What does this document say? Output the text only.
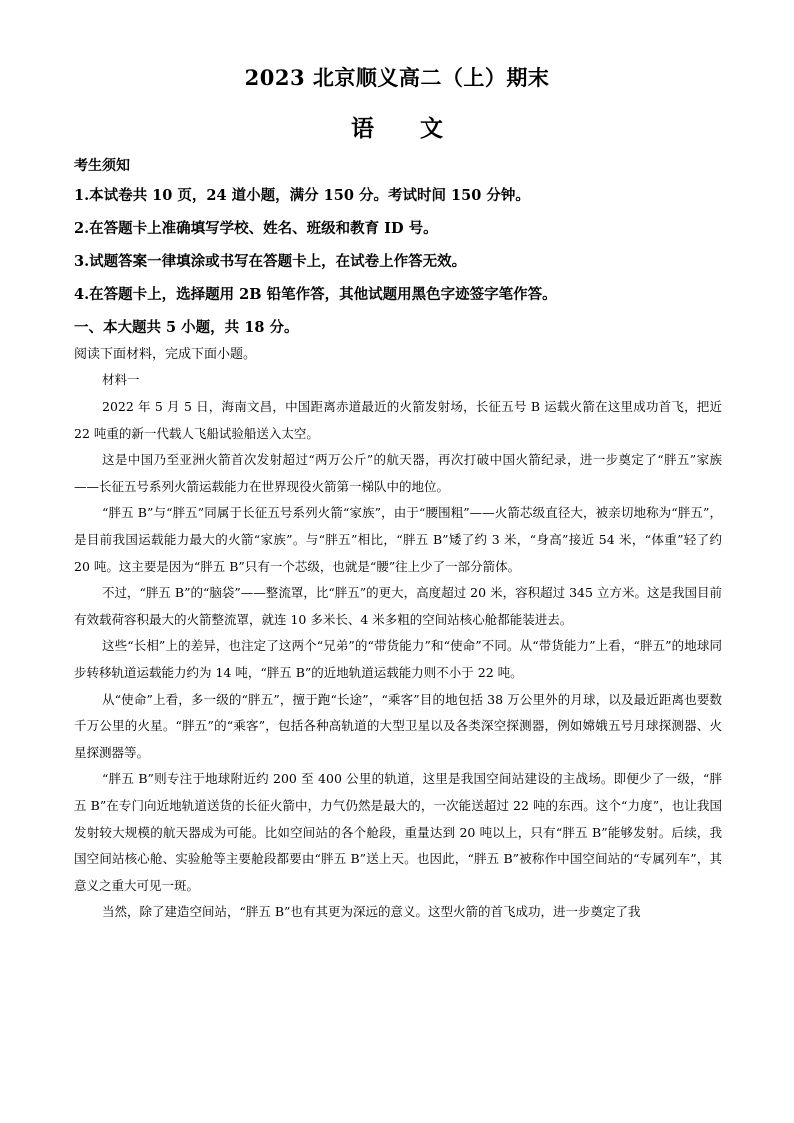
2023 北京顺义高二（上）期末
语 文
考生须知
1.本试卷共 10 页，24 道小题，满分 150 分。考试时间 150 分钟。
2.在答题卡上准确填写学校、姓名、班级和教育 ID 号。
3.试题答案一律填涂或书写在答题卡上，在试卷上作答无效。
4.在答题卡上，选择题用 2B 铅笔作答，其他试题用黑色字迹签字笔作答。
一、本大题共 5 小题，共 18 分。
阅读下面材料，完成下面小题。
材料一

2022 年 5 月 5 日，海南文昌，中国距离赤道最近的火箭发射场，长征五号 B 运载火箭在这里成功首飞，把近 22 吨重的新一代载人飞船试验船送入太空。

这是中国乃至亚洲火箭首次发射超过“两万公斤”的航天器，再次打破中国火箭纪录，进一步奠定了“胖五”家族——长征五号系列火箭运载能力在世界现役火箭第一梯队中的地位。

“胖五 B”与“胖五”同属于长征五号系列火箭“家族”，由于“腰围粗”——火箭芯级直径大，被亲切地称为“胖五”，是目前我国运载能力最大的火箭“家族”。与“胖五”相比，“胖五 B”矮了约 3 米，“身高”接近 54 米，“体重”轻了约 20 吨。这主要是因为“胖五 B”只有一个芯级，也就是“腰”往上少了一部分箭体。

不过，“胖五 B”的“脑袋”——整流罩，比“胖五”的更大，高度超过 20 米，容积超过 345 立方米。这是我国目前有效载荷容积最大的火箭整流罩，就连 10 多米长、4 米多粗的空间站核心舱都能装进去。

这些“长相”上的差异，也注定了这两个“兄弟”的“带货能力”和“使命”不同。从“带货能力”上看，“胖五”的地球同步转移轨道运载能力约为 14 吨，“胖五 B”的近地轨道运载能力则不小于 22 吨。

从“使命”上看，多一级的“胖五”，擅于跑“长途”，“乘客”目的地包括 38 万公里外的月球，以及最近距离也要数千万公里的火星。“胖五”的“乘客”，包括各种高轨道的大型卫星以及各类深空探测器，例如嫦娥五号月球探测器、火星探测器等。

“胖五 B”则专注于地球附近约 200 至 400 公里的轨道，这里是我国空间站建设的主战场。即便少了一级，“胖五 B”在专门向近地轨道送货的长征火箭中，力气仍然是最大的，一次能送超过 22 吨的东西。这个“力度”，也让我国发射较大规模的航天器成为可能。比如空间站的各个舱段，重量达到 20 吨以上，只有“胖五 B”能够发射。后续，我国空间站核心舱、实验舱等主要舱段都要由“胖五 B”送上天。也因此，“胖五 B”被称作中国空间站的“专属列车”，其意义之重大可见一斑。

当然，除了建造空间站，“胖五 B”也有其更为深远的意义。这型火箭的首飞成功，进一步奠定了我
